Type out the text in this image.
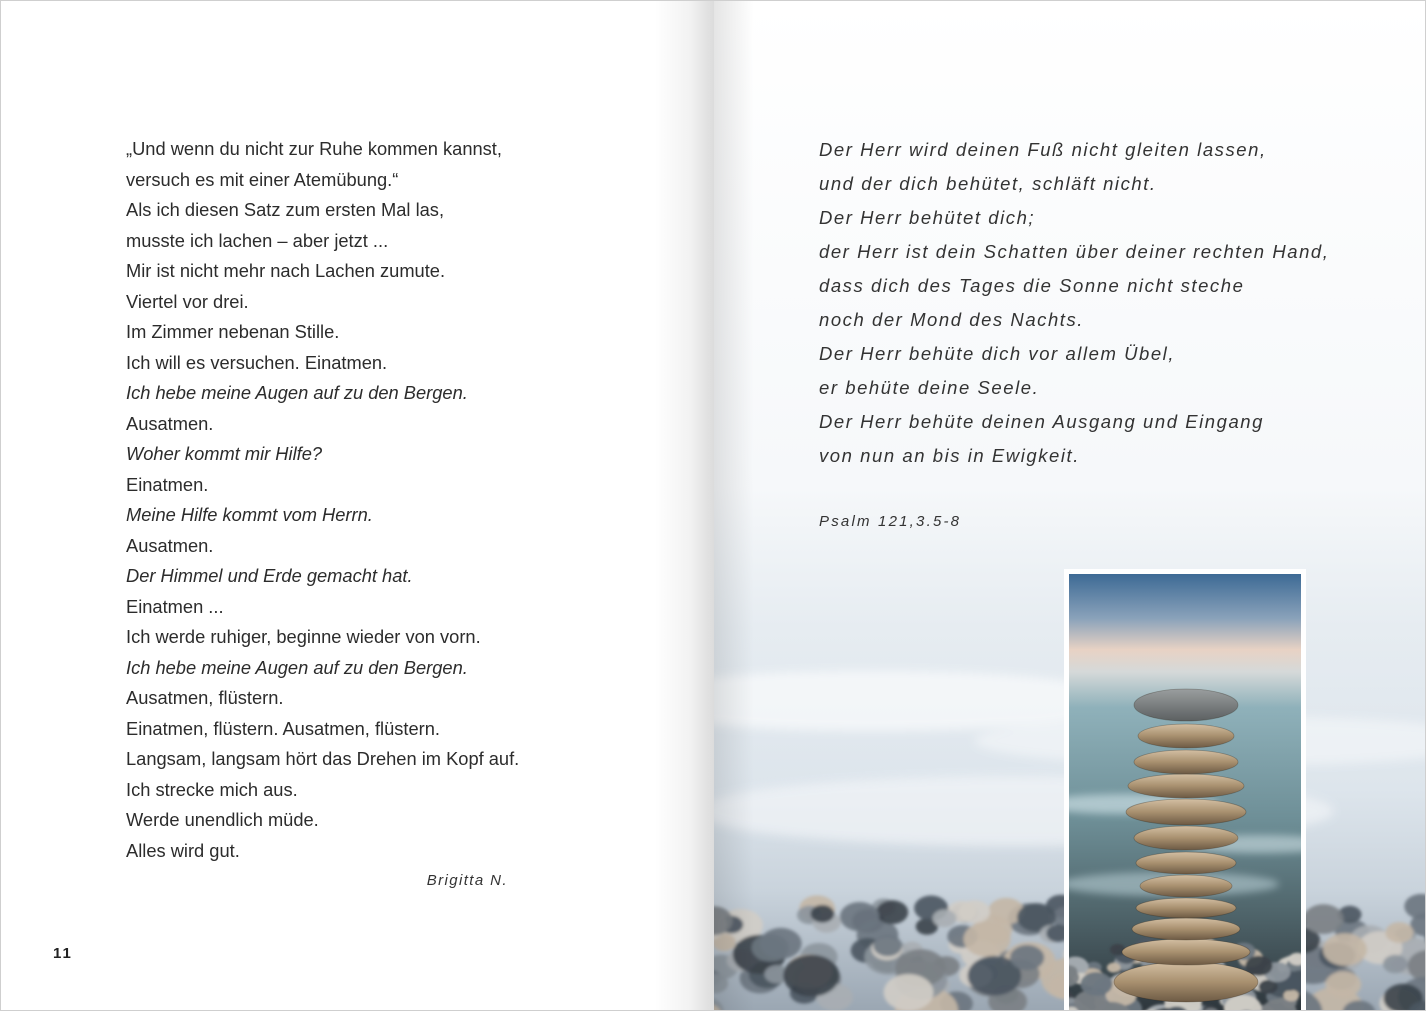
„Und wenn du nicht zur Ruhe kommen kannst,
versuch es mit einer Atemübung.“
Als ich diesen Satz zum ersten Mal las,
musste ich lachen – aber jetzt ...
Mir ist nicht mehr nach Lachen zumute.
Viertel vor drei.
Im Zimmer nebenan Stille.
Ich will es versuchen. Einatmen.
Ich hebe meine Augen auf zu den Bergen.
Ausatmen.
Woher kommt mir Hilfe?
Einatmen.
Meine Hilfe kommt vom Herrn.
Ausatmen.
Der Himmel und Erde gemacht hat.
Einatmen ...
Ich werde ruhiger, beginne wieder von vorn.
Ich hebe meine Augen auf zu den Bergen.
Ausatmen, flüstern.
Einatmen, flüstern. Ausatmen, flüstern.
Langsam, langsam hört das Drehen im Kopf auf.
Ich strecke mich aus.
Werde unendlich müde.
Alles wird gut.
Brigitta N.
11
Der Herr wird deinen Fuß nicht gleiten lassen,
und der dich behütet, schläft nicht.
Der Herr behütet dich;
der Herr ist dein Schatten über deiner rechten Hand,
dass dich des Tages die Sonne nicht steche
noch der Mond des Nachts.
Der Herr behüte dich vor allem Übel,
er behüte deine Seele.
Der Herr behüte deinen Ausgang und Eingang
von nun an bis in Ewigkeit.
Psalm 121,3.5-8
